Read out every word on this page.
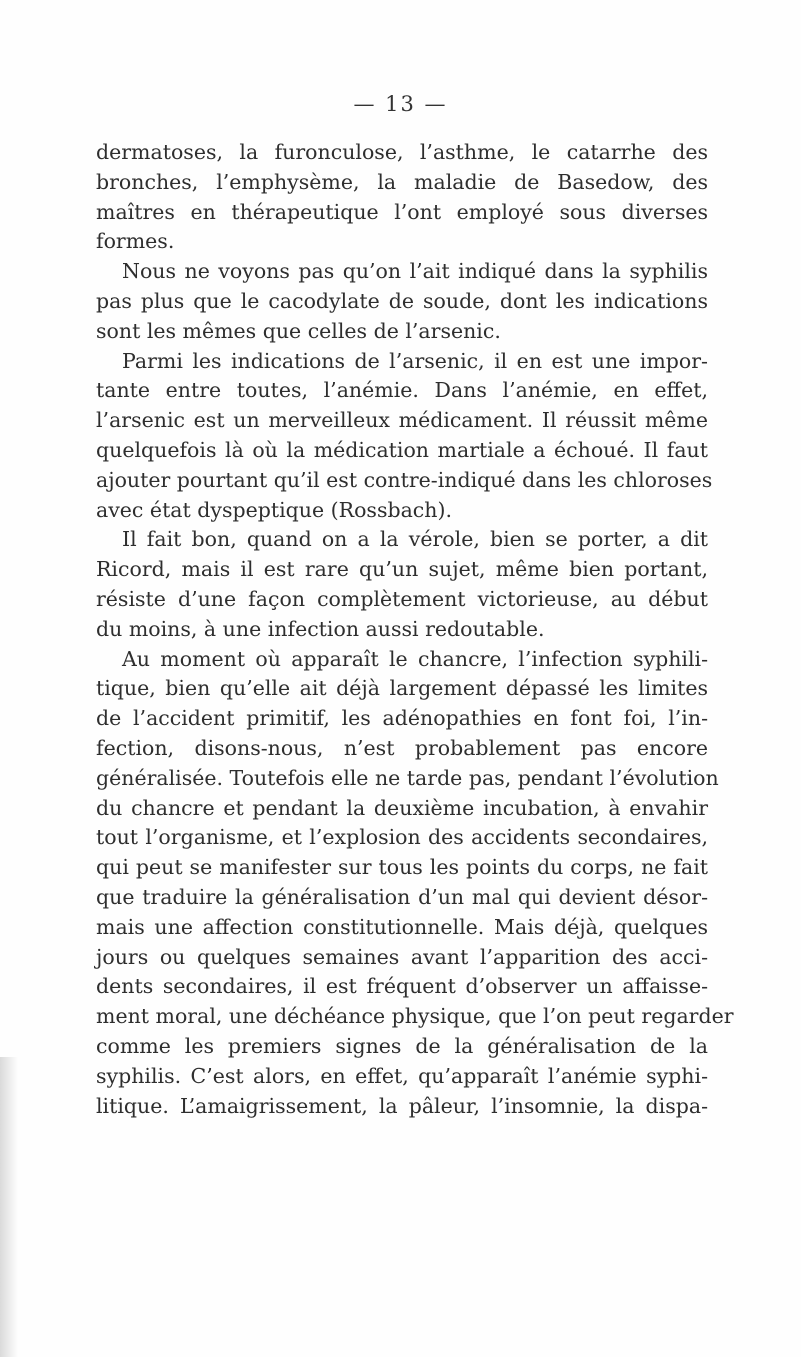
— 13 —
dermatoses, la furonculose, l’asthme, le catarrhe des
bronches, l’emphysème, la maladie de Basedow, des
maîtres en thérapeutique l’ont employé sous diverses
formes.
Nous ne voyons pas qu’on l’ait indiqué dans la syphilis
pas plus que le cacodylate de soude, dont les indications
sont les mêmes que celles de l’arsenic.
Parmi les indications de l’arsenic, il en est une impor-
tante entre toutes, l’anémie. Dans l’anémie, en effet,
l’arsenic est un merveilleux médicament. Il réussit même
quelquefois là où la médication martiale a échoué. Il faut
ajouter pourtant qu’il est contre-indiqué dans les chloroses
avec état dyspeptique (Rossbach).
Il fait bon, quand on a la vérole, bien se porter, a dit
Ricord, mais il est rare qu’un sujet, même bien portant,
résiste d’une façon complètement victorieuse, au début
du moins, à une infection aussi redoutable.
Au moment où apparaît le chancre, l’infection syphili-
tique, bien qu’elle ait déjà largement dépassé les limites
de l’accident primitif, les adénopathies en font foi, l’in-
fection, disons-nous, n’est probablement pas encore
généralisée. Toutefois elle ne tarde pas, pendant l’évolution
du chancre et pendant la deuxième incubation, à envahir
tout l’organisme, et l’explosion des accidents secondaires,
qui peut se manifester sur tous les points du corps, ne fait
que traduire la généralisation d’un mal qui devient désor-
mais une affection constitutionnelle. Mais déjà, quelques
jours ou quelques semaines avant l’apparition des acci-
dents secondaires, il est fréquent d’observer un affaisse-
ment moral, une déchéance physique, que l’on peut regarder
comme les premiers signes de la généralisation de la
syphilis. C’est alors, en effet, qu’apparaît l’anémie syphi-
litique. L’amaigrissement, la pâleur, l’insomnie, la dispa-
